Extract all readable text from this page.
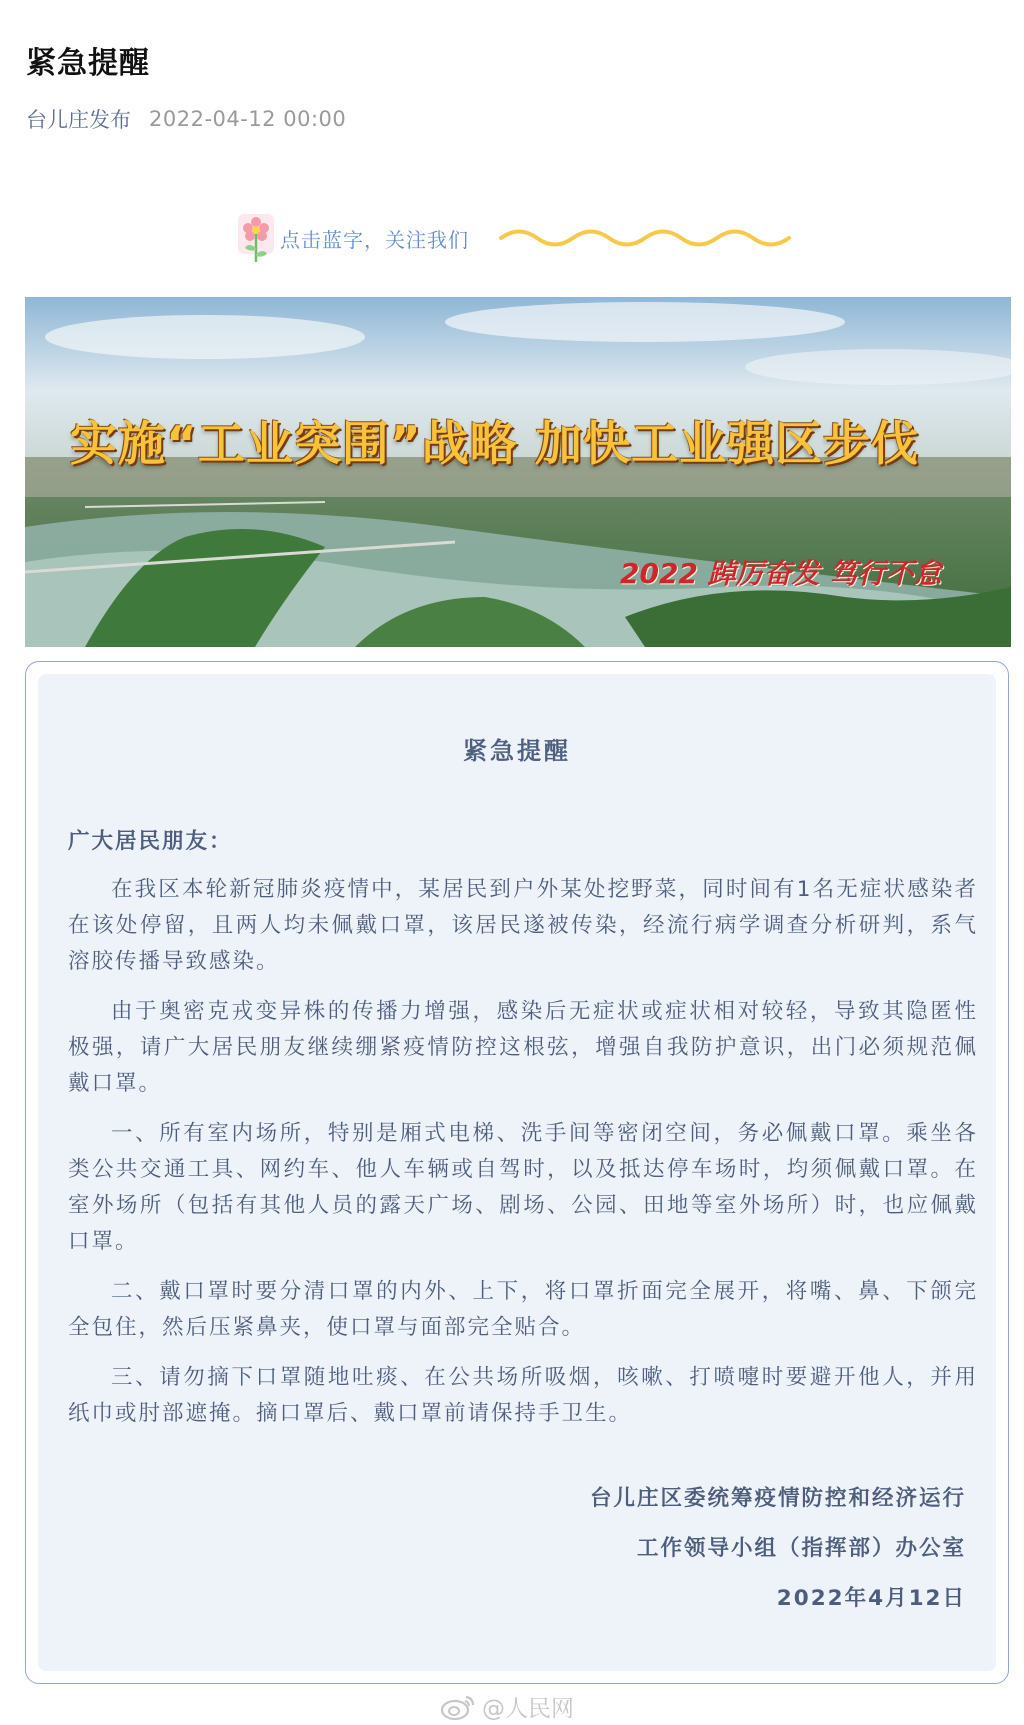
紧急提醒
台儿庄发布 2022-04-12 00:00
点击蓝字，关注我们
实施“工业突围”战略 加快工业强区步伐
2022 踔厉奋发 笃行不怠
紧急提醒
广大居民朋友：

在我区本轮新冠肺炎疫情中，某居民到户外某处挖野菜，同时间有1名无症状感染者在该处停留，且两人均未佩戴口罩，该居民遂被传染，经流行病学调查分析研判，系气溶胶传播导致感染。

由于奥密克戎变异株的传播力增强，感染后无症状或症状相对较轻，导致其隐匿性极强，请广大居民朋友继续绷紧疫情防控这根弦，增强自我防护意识，出门必须规范佩戴口罩。

一、所有室内场所，特别是厢式电梯、洗手间等密闭空间，务必佩戴口罩。乘坐各类公共交通工具、网约车、他人车辆或自驾时，以及抵达停车场时，均须佩戴口罩。在室外场所（包括有其他人员的露天广场、剧场、公园、田地等室外场所）时，也应佩戴口罩。

二、戴口罩时要分清口罩的内外、上下，将口罩折面完全展开，将嘴、鼻、下颌完全包住，然后压紧鼻夹，使口罩与面部完全贴合。

三、请勿摘下口罩随地吐痰、在公共场所吸烟，咳嗽、打喷嚏时要避开他人，并用纸巾或肘部遮掩。摘口罩后、戴口罩前请保持手卫生。

台儿庄区委统筹疫情防控和经济运行
工作领导小组（指挥部）办公室
2022年4月12日
@人民网
